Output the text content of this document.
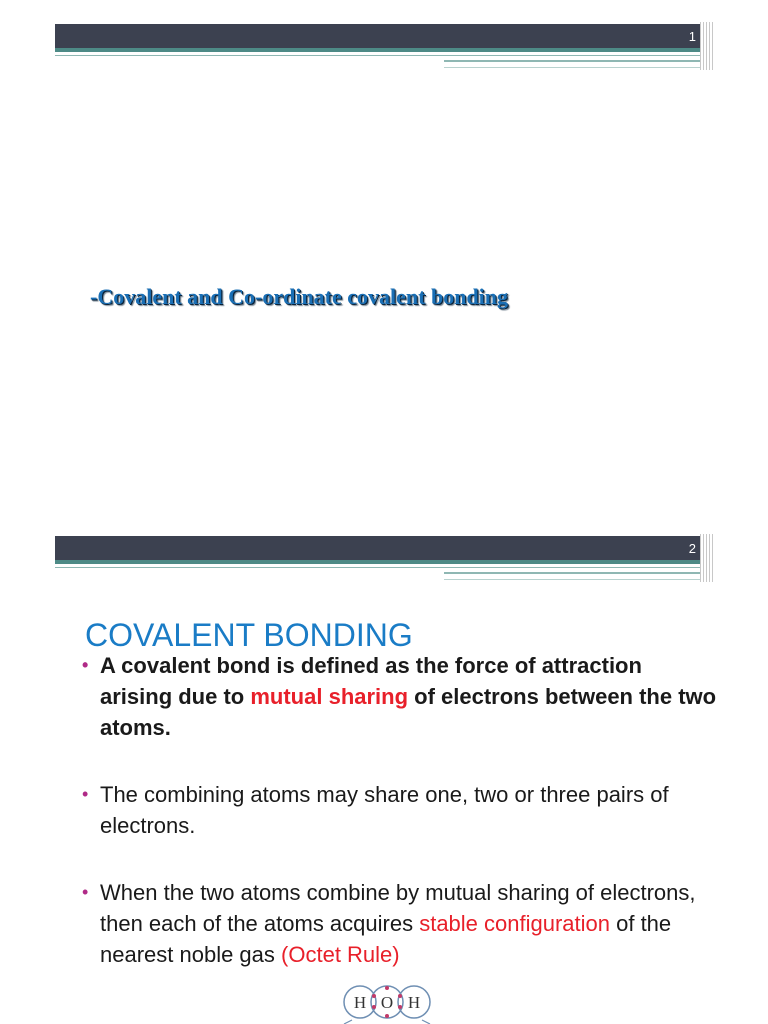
1
-Covalent and Co-ordinate covalent bonding
2
COVALENT BONDING
• A covalent bond is defined as the force of attraction arising due to mutual sharing of electrons between the two atoms.
• The combining atoms may share one, two or three pairs of electrons.
• When the two atoms combine by mutual sharing of electrons, then each of the atoms acquires stable configuration of the nearest noble gas (Octet Rule)
H O H
